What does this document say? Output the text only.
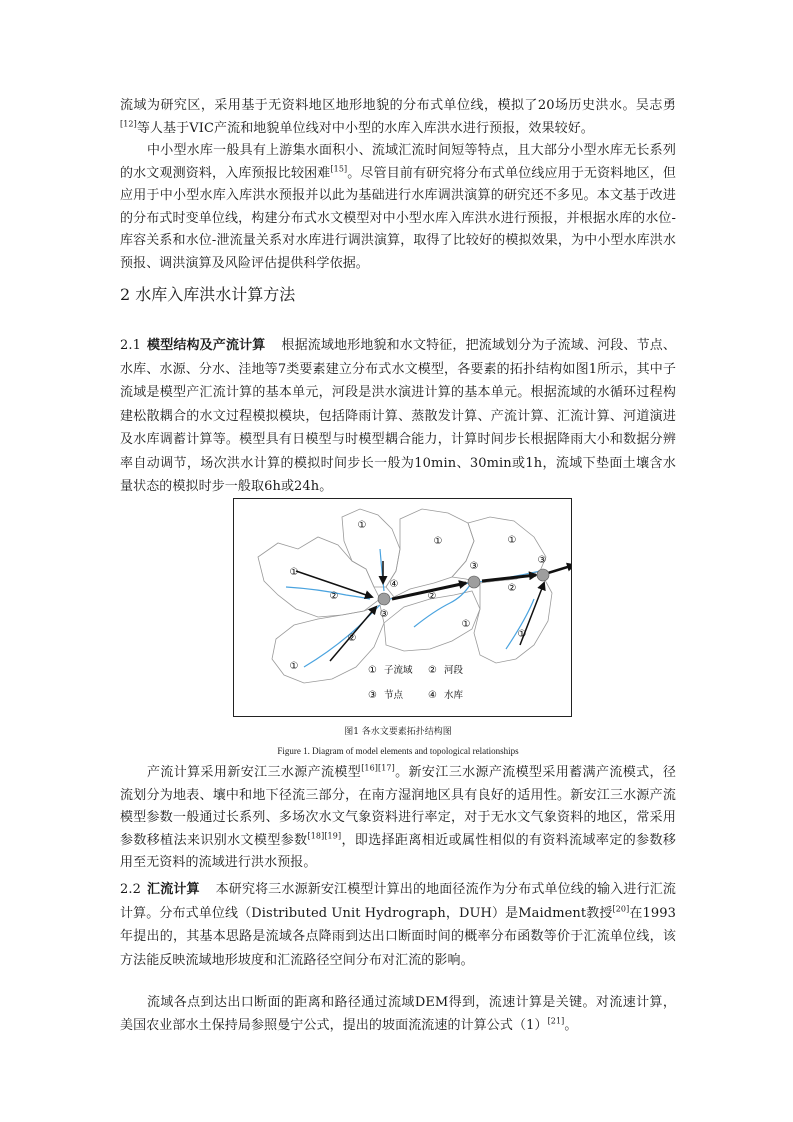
流域为研究区，采用基于无资料地区地形地貌的分布式单位线，模拟了20场历史洪水。吴志勇[12]等人基于VIC产流和地貌单位线对中小型的水库入库洪水进行预报，效果较好。

中小型水库一般具有上游集水面积小、流域汇流时间短等特点，且大部分小型水库无长系列的水文观测资料，入库预报比较困难[15]。尽管目前有研究将分布式单位线应用于无资料地区，但应用于中小型水库入库洪水预报并以此为基础进行水库调洪演算的研究还不多见。本文基于改进的分布式时变单位线，构建分布式水文模型对中小型水库入库洪水进行预报，并根据水库的水位-库容关系和水位-泄流量关系对水库进行调洪演算，取得了比较好的模拟效果，为中小型水库洪水预报、调洪演算及风险评估提供科学依据。

2 水库入库洪水计算方法

2.1 模型结构及产流计算 根据流域地形地貌和水文特征，把流域划分为子流域、河段、节点、水库、水源、分水、洼地等7类要素建立分布式水文模型，各要素的拓扑结构如图1所示，其中子流域是模型产汇流计算的基本单元，河段是洪水演进计算的基本单元。根据流域的水循环过程构建松散耦合的水文过程模拟模块，包括降雨计算、蒸散发计算、产流计算、汇流计算、河道演进及水库调蓄计算等。模型具有日模型与时模型耦合能力，计算时间步长根据降雨大小和数据分辨率自动调节，场次洪水计算的模拟时间步长一般为10min、30min或1h，流域下垫面土壤含水量状态的模拟时步一般取6h或24h。

①
①
①
①
①
①
①
②	②
②
②
③
③
③
④
① 子流域 ② 河段
③ 节点 ④ 水库

图1 各水文要素拓扑结构图

Figure 1. Diagram of model elements and topological relationships

产流计算采用新安江三水源产流模型[16][17]。新安江三水源产流模型采用蓄满产流模式，径流划分为地表、壤中和地下径流三部分，在南方湿润地区具有良好的适用性。新安江三水源产流模型参数一般通过长系列、多场次水文气象资料进行率定，对于无水文气象资料的地区，常采用参数移植法来识别水文模型参数[18][19]，即选择距离相近或属性相似的有资料流域率定的参数移用至无资料的流域进行洪水预报。

2.2 汇流计算 本研究将三水源新安江模型计算出的地面径流作为分布式单位线的输入进行汇流计算。分布式单位线（Distributed Unit Hydrograph，DUH）是Maidment教授[20]在1993年提出的，其基本思路是流域各点降雨到达出口断面时间的概率分布函数等价于汇流单位线，该方法能反映流域地形坡度和汇流路径空间分布对汇流的影响。

流域各点到达出口断面的距离和路径通过流域DEM得到，流速计算是关键。对流速计算，美国农业部水土保持局参照曼宁公式，提出的坡面流流速的计算公式（1）[21]。
